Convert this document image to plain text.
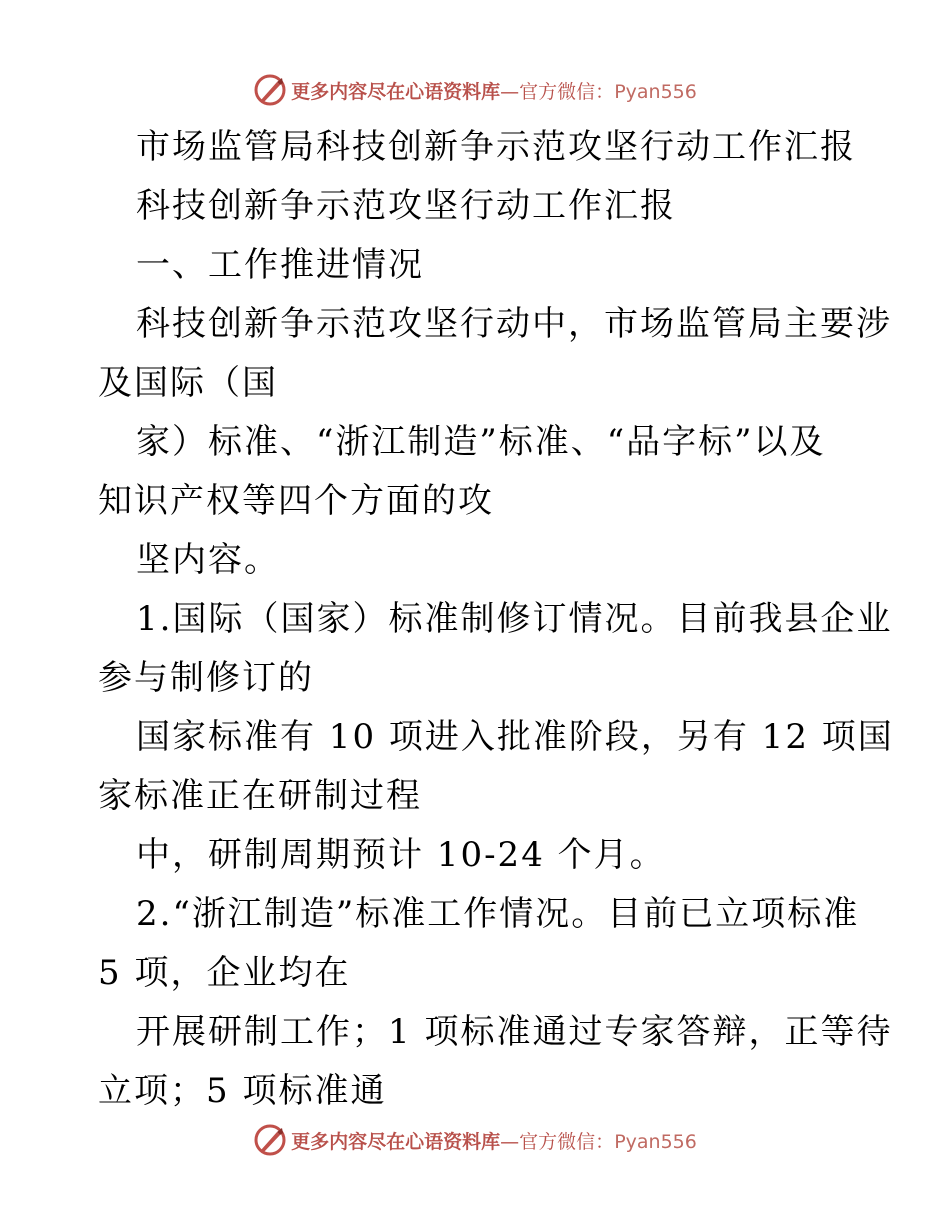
更多内容尽在心语资料库—官方微信：Pyan556
市场监管局科技创新争示范攻坚行动工作汇报
科技创新争示范攻坚行动工作汇报
一、工作推进情况
科技创新争示范攻坚行动中，市场监管局主要涉
及国际（国
家）标准、“浙江制造”标准、“品字标”以及
知识产权等四个方面的攻
坚内容。
1.国际（国家）标准制修订情况。目前我县企业
参与制修订的
国家标准有 10 项进入批准阶段，另有 12 项国
家标准正在研制过程
中，研制周期预计 10-24 个月。
2.“浙江制造”标准工作情况。目前已立项标准
5 项，企业均在
开展研制工作；1 项标准通过专家答辩，正等待
立项；5 项标准通
更多内容尽在心语资料库—官方微信：Pyan556
